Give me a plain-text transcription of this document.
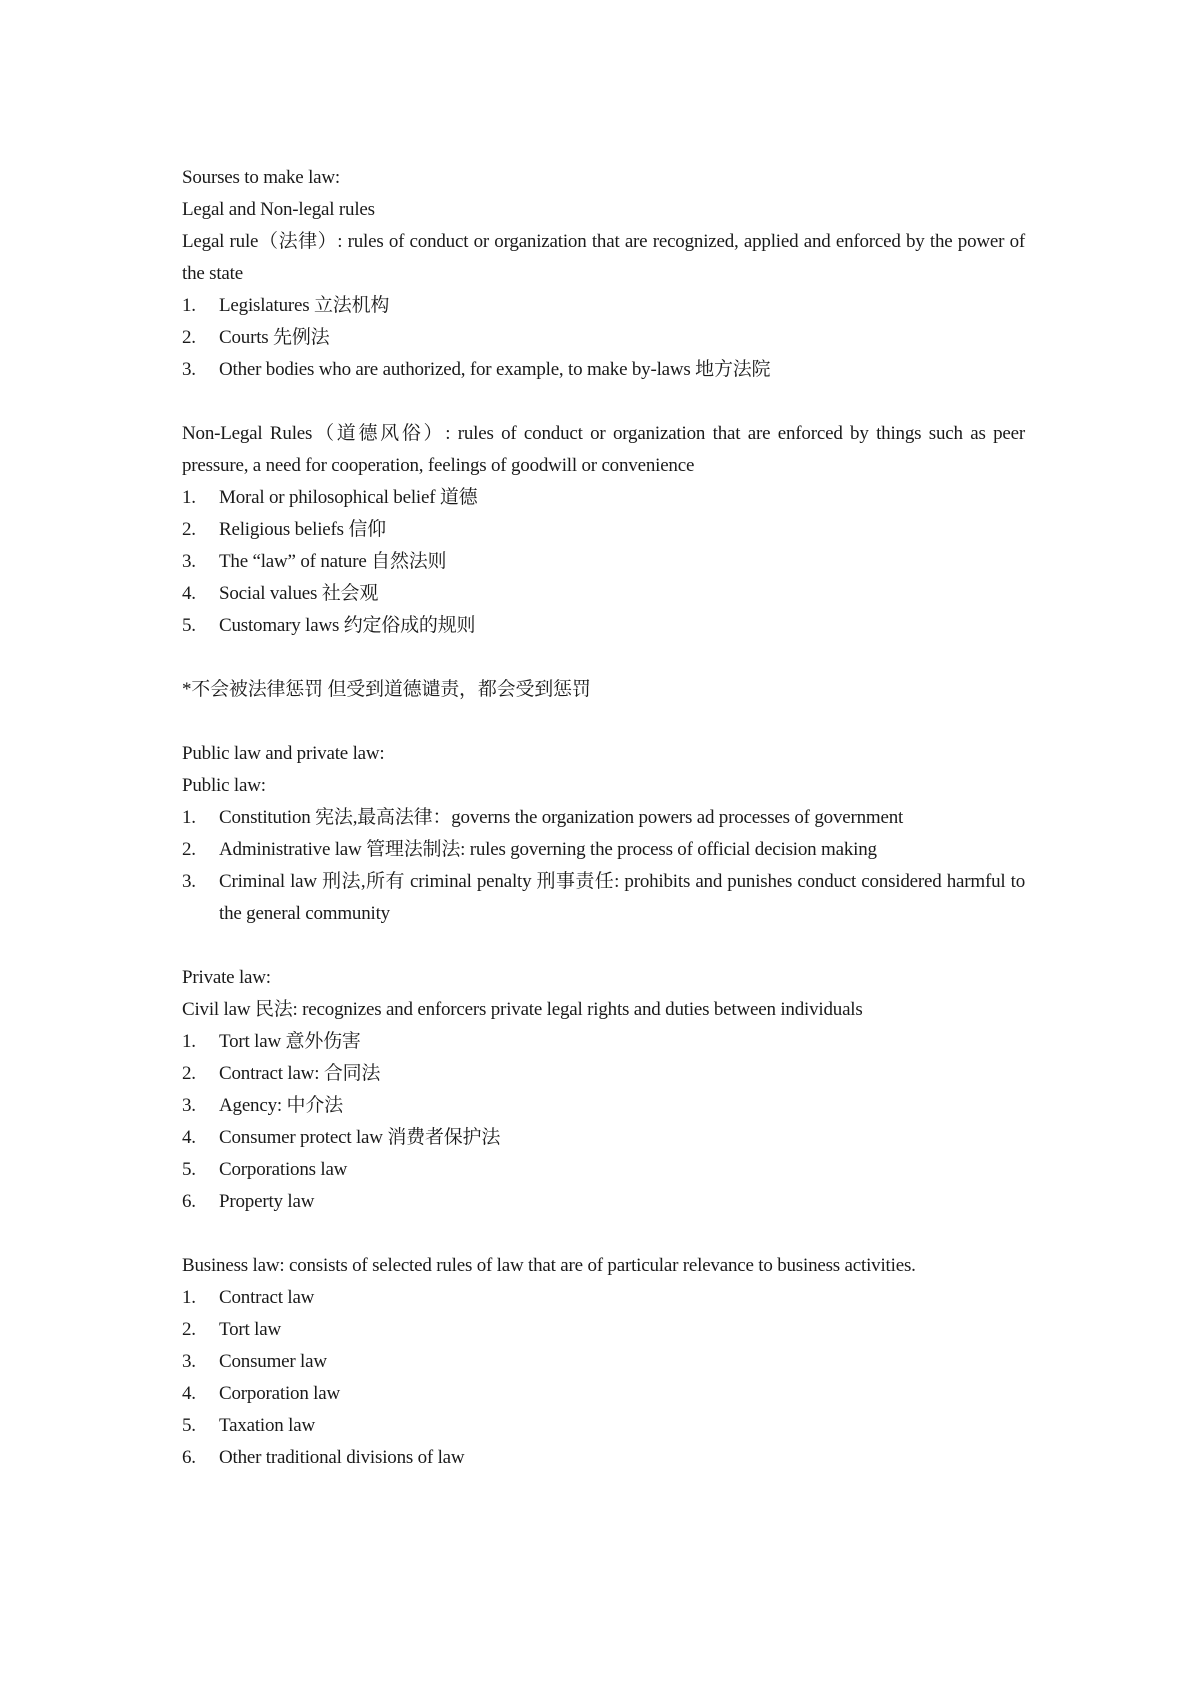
Sourses to make law:

Legal and Non-legal rules

Legal rule（法律）: rules of conduct or organization that are recognized, applied and enforced by the power of the state

1.	Legislatures 立法机构
2.	Courts 先例法
3.	Other bodies who are authorized, for example, to make by-laws 地方法院

Non-Legal Rules（道德风俗）: rules of conduct or organization that are enforced by things such as peer pressure, a need for cooperation, feelings of goodwill or convenience

1.	Moral or philosophical belief 道德
2.	Religious beliefs 信仰
3.	The “law” of nature 自然法则
4.	Social values 社会观
5.	Customary laws 约定俗成的规则

*不会被法律惩罚 但受到道德谴责，都会受到惩罚

Public law and private law:

Public law:

1.	Constitution 宪法,最高法律：governs the organization powers ad processes of government
2.	Administrative law 管理法制法: rules governing the process of official decision making
3.	Criminal law 刑法,所有 criminal penalty 刑事责任: prohibits and punishes conduct considered harmful to the general community

Private law:

Civil law 民法: recognizes and enforcers private legal rights and duties between individuals

1.	Tort law 意外伤害
2.	Contract law: 合同法
3.	Agency: 中介法
4.	Consumer protect law 消费者保护法
5.	Corporations law
6.	Property law

Business law: consists of selected rules of law that are of particular relevance to business activities.

1.	Contract law
2.	Tort law
3.	Consumer law
4.	Corporation law
5.	Taxation law
6.	Other traditional divisions of law
